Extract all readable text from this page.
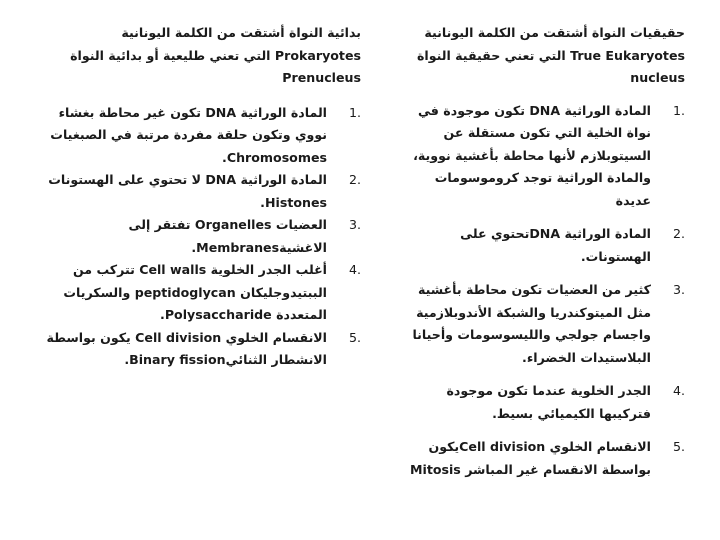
حقيقيات النواة أشتقت من الكلمة اليونانية True Eukaryotes التي تعني حقيقية النواة nucleus
1.
المادة الوراثية DNA تكون موجودة في نواة الخلية التي تكون مستقلة عن السيتوبلازم لأنها محاطة بأغشية نووية، والمادة الوراثية توجد كروموسومات عديدة
2.
المادة الوراثية DNAتحتوي على الهستونات.
3.
كثير من العضيات تكون محاطة بأغشية مثل الميتوكندريا والشبكة الأندوبلازمية واجسام جولجي والليسوسومات وأحيانا البلاستيدات الخضراء.
4.
الجدر الخلوية عندما تكون موجودة فتركيبها الكيميائي بسيط.
5.
الانقسام الخلوي Cell divisionيكون بواسطة الانقسام غير المباشر Mitosis
بدائية النواة أشتقت من الكلمة اليونانية Prokaryotes التي تعني طليعية أو بدائية النواة Prenucleus
1.
المادة الوراثية DNA تكون غير محاطة بغشاء نووي وتكون حلقة مفردة مرتبة في الصبغيات Chromosomes.
2.
المادة الوراثية DNA لا تحتوي على الهستونات Histones.
3.
العضيات Organelles تفتقر إلى الاغشيةMembranes.
4.
أغلب الجدر الخلوية Cell walls تتركب من الببتيدوجليكان peptidoglycan والسكريات المتعددة Polysaccharide.
5.
الانقسام الخلوي Cell division يكون بواسطة الانشطار الثنائيBinary fission.
